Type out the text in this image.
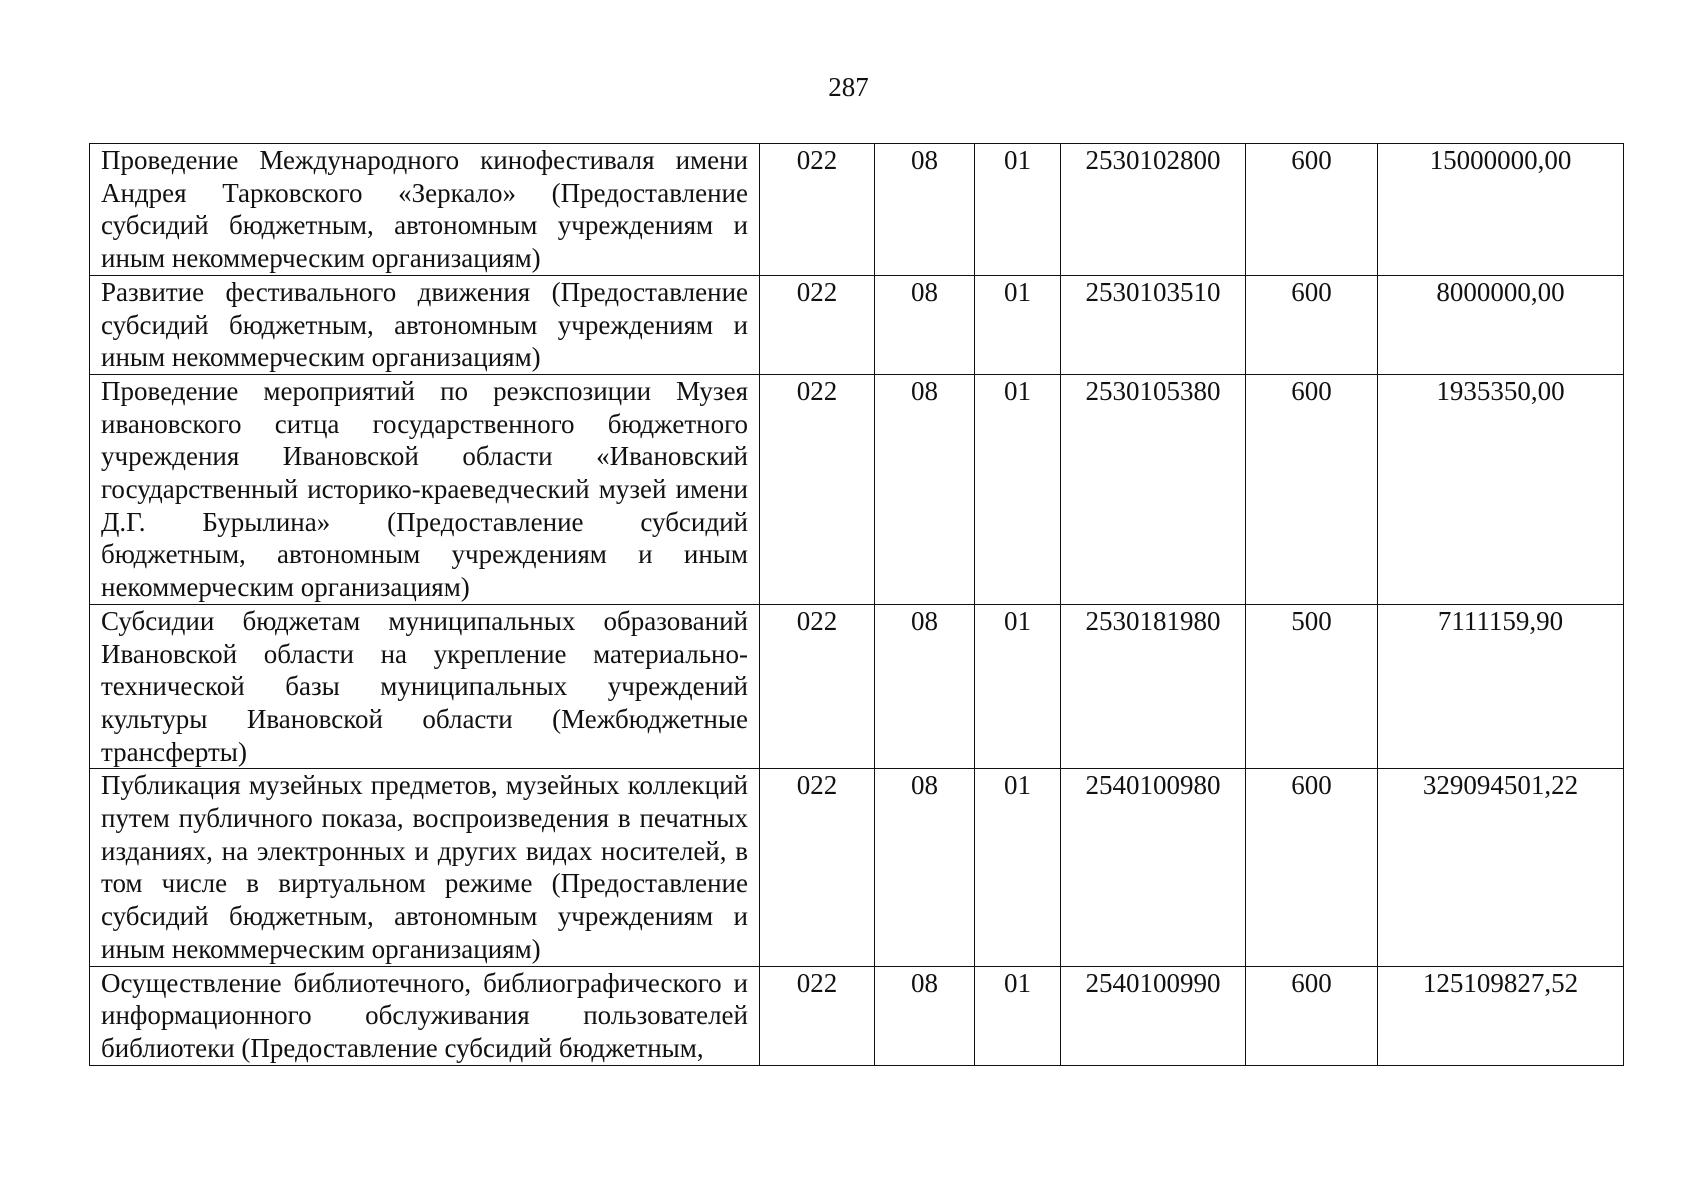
287
Проведение Международного кинофестиваля имени Андрея Тарковского «Зеркало» (Предоставление субсидий бюджетным, автономным учреждениям и иным некоммерческим организациям)	022	08	01	2530102800	600	15000000,00
Развитие фестивального движения (Предоставление субсидий бюджетным, автономным учреждениям и иным некоммерческим организациям)	022	08	01	2530103510	600	8000000,00
Проведение мероприятий по реэкспозиции Музея ивановского ситца государственного бюджетного учреждения Ивановской области «Ивановский государственный историко-краеведческий музей имени Д.Г. Бурылина» (Предоставление субсидий бюджетным, автономным учреждениям и иным некоммерческим организациям)	022	08	01	2530105380	600	1935350,00
Субсидии бюджетам муниципальных образований Ивановской области на укрепление материально-технической базы муниципальных учреждений культуры Ивановской области (Межбюджетные трансферты)	022	08	01	2530181980	500	7111159,90
Публикация музейных предметов, музейных коллекций путем публичного показа, воспроизведения в печатных изданиях, на электронных и других видах носителей, в том числе в виртуальном режиме (Предоставление субсидий бюджетным, автономным учреждениям и иным некоммерческим организациям)	022	08	01	2540100980	600	329094501,22
Осуществление библиотечного, библиографического и информационного обслуживания пользователей библиотеки (Предоставление субсидий бюджетным,	022	08	01	2540100990	600	125109827,52
